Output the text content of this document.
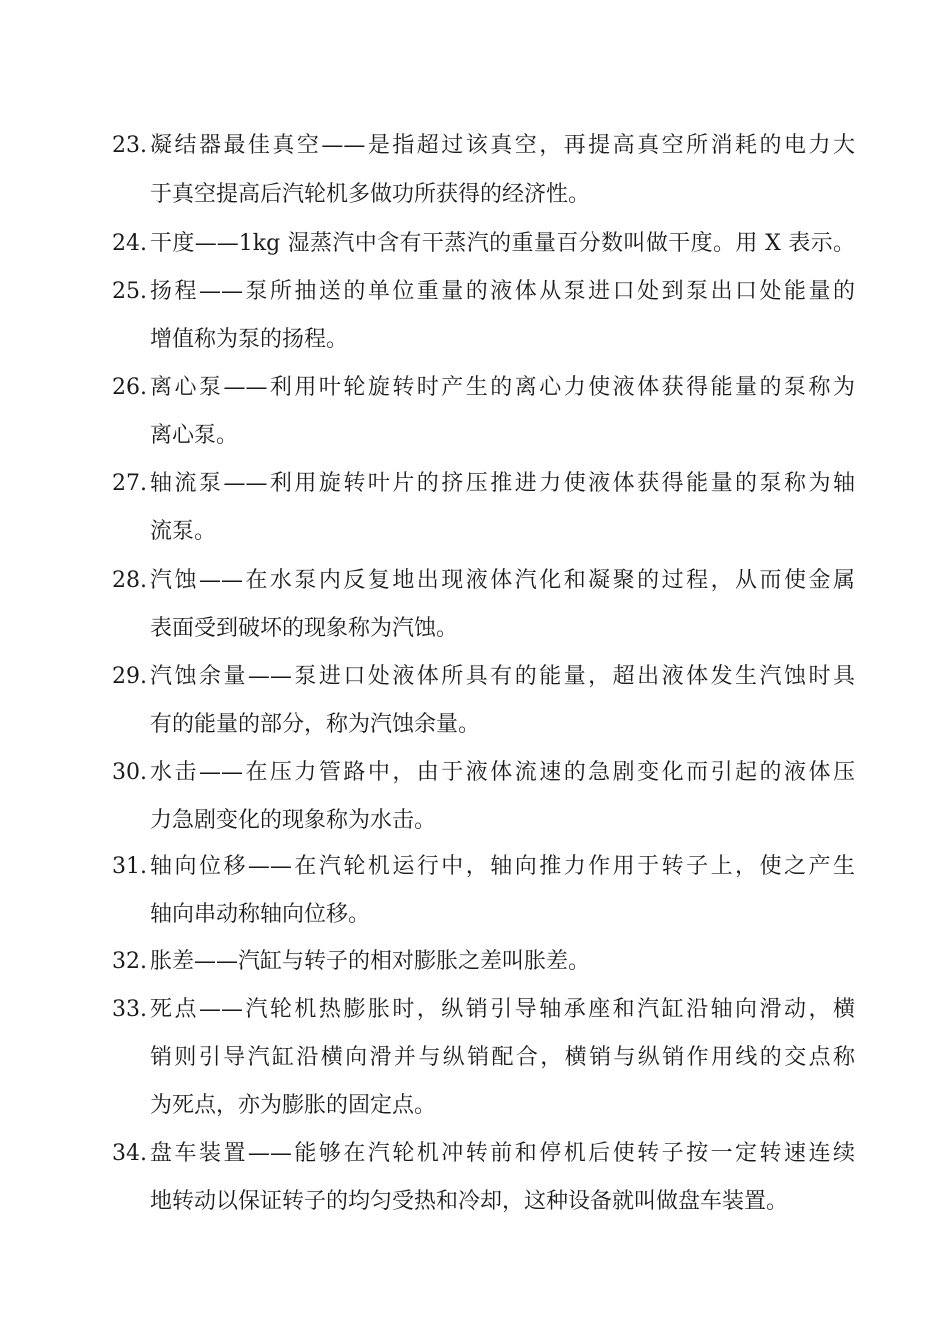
23. 凝结器最佳真空——是指超过该真空，再提高真空所消耗的电力大
于真空提高后汽轮机多做功所获得的经济性。
24. 干度——1kg 湿蒸汽中含有干蒸汽的重量百分数叫做干度。用 X 表示。
25. 扬程——泵所抽送的单位重量的液体从泵进口处到泵出口处能量的
增值称为泵的扬程。
26. 离心泵——利用叶轮旋转时产生的离心力使液体获得能量的泵称为
离心泵。
27. 轴流泵——利用旋转叶片的挤压推进力使液体获得能量的泵称为轴
流泵。
28. 汽蚀——在水泵内反复地出现液体汽化和凝聚的过程，从而使金属
表面受到破坏的现象称为汽蚀。
29. 汽蚀余量——泵进口处液体所具有的能量，超出液体发生汽蚀时具
有的能量的部分，称为汽蚀余量。
30. 水击——在压力管路中，由于液体流速的急剧变化而引起的液体压
力急剧变化的现象称为水击。
31. 轴向位移——在汽轮机运行中，轴向推力作用于转子上，使之产生
轴向串动称轴向位移。
32. 胀差——汽缸与转子的相对膨胀之差叫胀差。
33. 死点——汽轮机热膨胀时，纵销引导轴承座和汽缸沿轴向滑动，横
销则引导汽缸沿横向滑并与纵销配合，横销与纵销作用线的交点称
为死点，亦为膨胀的固定点。
34. 盘车装置——能够在汽轮机冲转前和停机后使转子按一定转速连续
地转动以保证转子的均匀受热和冷却，这种设备就叫做盘车装置。
